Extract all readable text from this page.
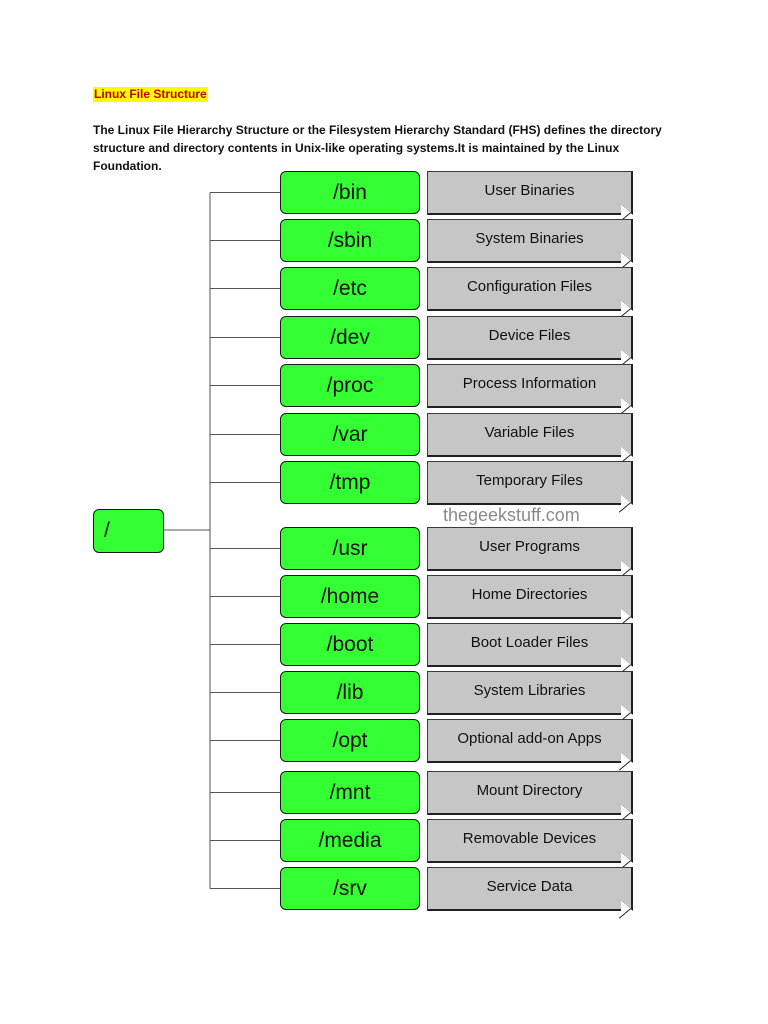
Linux File Structure

The Linux File Hierarchy Structure or the Filesystem Hierarchy Standard (FHS) defines the directory structure and directory contents in Unix-like operating systems.It is maintained by the Linux Foundation.

/
thegeekstuff.com
/bin	User Binaries
/sbin	System Binaries
/etc	Configuration Files
/dev	Device Files
/proc	Process Information
/var	Variable Files
/tmp	Temporary Files
/usr	User Programs
/home	Home Directories
/boot	Boot Loader Files
/lib	System Libraries
/opt	Optional add-on Apps
/mnt	Mount Directory
/media	Removable Devices
/srv	Service Data
